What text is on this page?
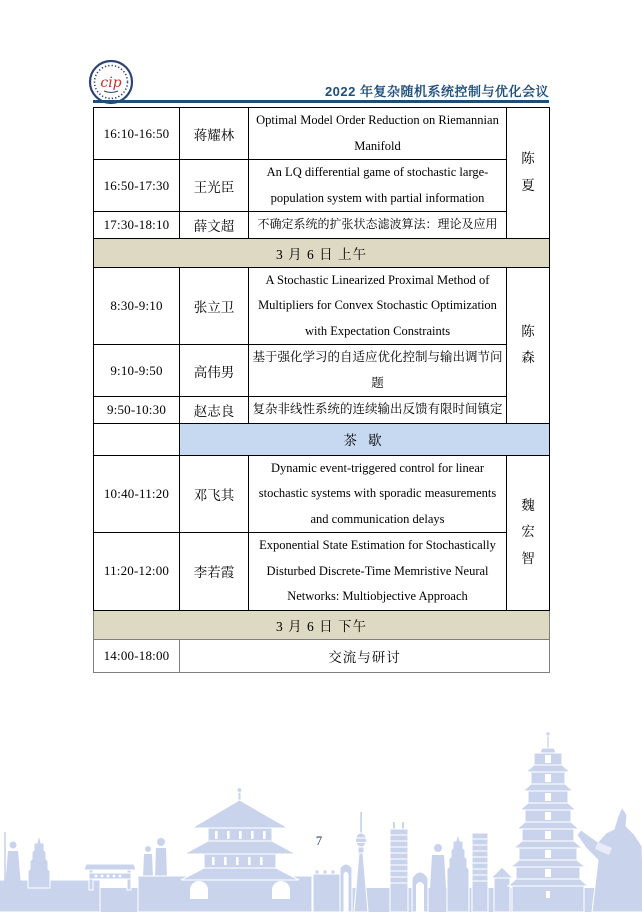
cip
2022 年复杂随机系统控制与优化会议
16:10-16:50	蒋耀林	Optimal Model Order Reduction on Riemannian Manifold	陈夏
16:50-17:30	王光臣	An LQ differential game of stochastic large-population system with partial information	
17:30-18:10	薛文超	不确定系统的扩张状态滤波算法：理论及应用	
3 月 6 日 上午			
8:30-9:10	张立卫	A Stochastic Linearized Proximal Method of Multipliers for Convex Stochastic Optimization with Expectation Constraints	陈森
9:10-9:50	高伟男	基于强化学习的自适应优化控制与输出调节问题	
9:50-10:30	赵志良	复杂非线性系统的连续输出反馈有限时间镇定	
	茶 歇		
10:40-11:20	邓飞其	Dynamic event-triggered control for linear stochastic systems with sporadic measurements and communication delays	魏宏智
11:20-12:00	李若霞	Exponential State Estimation for Stochastically Disturbed Discrete-Time Memristive Neural Networks: Multiobjective Approach	
3 月 6 日 下午			
14:00-18:00	交流与研讨		
7
